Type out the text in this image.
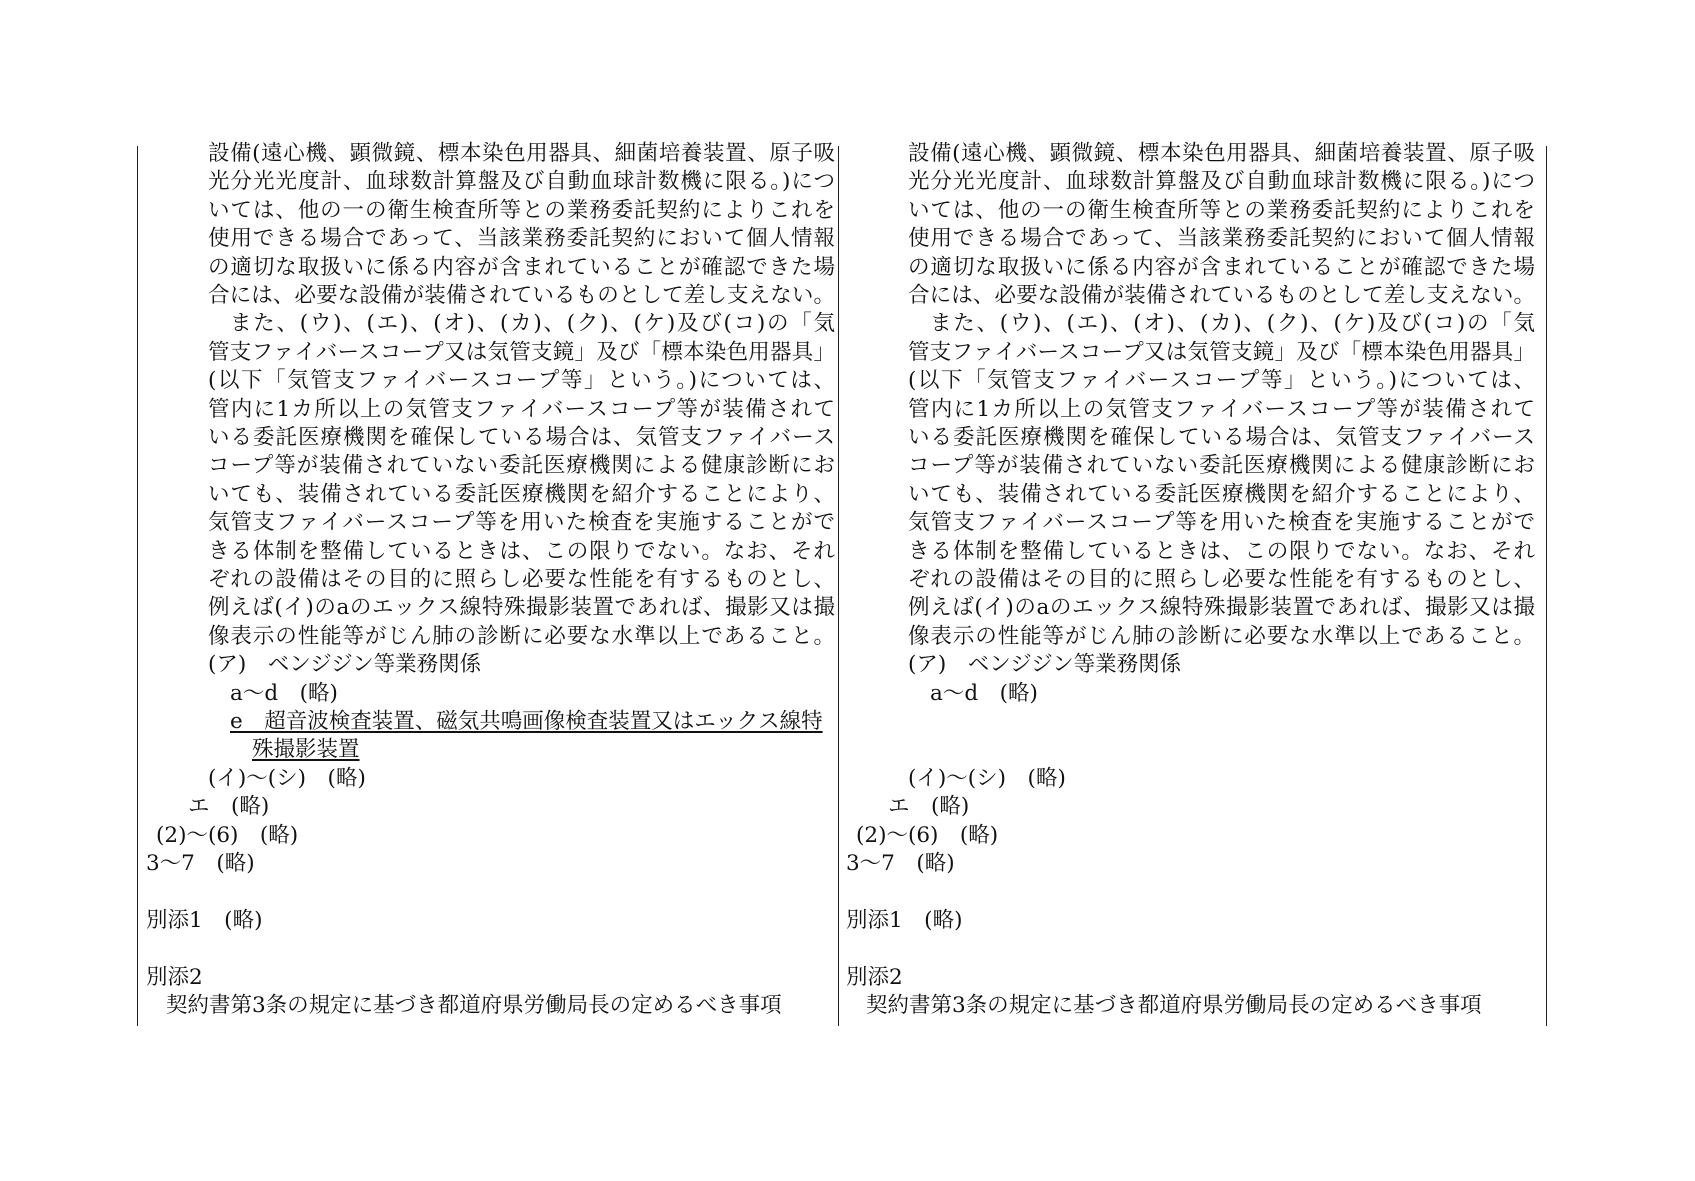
設備(遠心機、顕微鏡、標本染色用器具、細菌培養装置、原子吸
光分光光度計、血球数計算盤及び自動血球計数機に限る。)につ
いては、他の一の衛生検査所等との業務委託契約によりこれを
使用できる場合であって、当該業務委託契約において個人情報
の適切な取扱いに係る内容が含まれていることが確認できた場
合には、必要な設備が装備されているものとして差し支えない。
また、(ウ)、(エ)、(オ)、(カ)、(ク)、(ケ)及び(コ)の「気
管支ファイバースコープ又は気管支鏡」及び「標本染色用器具」
(以下「気管支ファイバースコープ等」という。)については、
管内に1カ所以上の気管支ファイバースコープ等が装備されて
いる委託医療機関を確保している場合は、気管支ファイバース
コープ等が装備されていない委託医療機関による健康診断にお
いても、装備されている委託医療機関を紹介することにより、
気管支ファイバースコープ等を用いた検査を実施することがで
きる体制を整備しているときは、この限りでない。なお、それ
ぞれの設備はその目的に照らし必要な性能を有するものとし、
例えば(イ)のaのエックス線特殊撮影装置であれば、撮影又は撮
像表示の性能等がじん肺の診断に必要な水準以上であること。
(ア)　ベンジジン等業務関係
a〜d　(略)
e　超音波検査装置、磁気共鳴画像検査装置又はエックス線特
殊撮影装置
(イ)〜(シ)　(略)
エ　(略)
(2)〜(6)　(略)
3〜7　(略)
別添1　(略)
別添2
契約書第3条の規定に基づき都道府県労働局長の定めるべき事項
設備(遠心機、顕微鏡、標本染色用器具、細菌培養装置、原子吸
光分光光度計、血球数計算盤及び自動血球計数機に限る。)につ
いては、他の一の衛生検査所等との業務委託契約によりこれを
使用できる場合であって、当該業務委託契約において個人情報
の適切な取扱いに係る内容が含まれていることが確認できた場
合には、必要な設備が装備されているものとして差し支えない。
また、(ウ)、(エ)、(オ)、(カ)、(ク)、(ケ)及び(コ)の「気
管支ファイバースコープ又は気管支鏡」及び「標本染色用器具」
(以下「気管支ファイバースコープ等」という。)については、
管内に1カ所以上の気管支ファイバースコープ等が装備されて
いる委託医療機関を確保している場合は、気管支ファイバース
コープ等が装備されていない委託医療機関による健康診断にお
いても、装備されている委託医療機関を紹介することにより、
気管支ファイバースコープ等を用いた検査を実施することがで
きる体制を整備しているときは、この限りでない。なお、それ
ぞれの設備はその目的に照らし必要な性能を有するものとし、
例えば(イ)のaのエックス線特殊撮影装置であれば、撮影又は撮
像表示の性能等がじん肺の診断に必要な水準以上であること。
(ア)　ベンジジン等業務関係
a〜d　(略)
(イ)〜(シ)　(略)
エ　(略)
(2)〜(6)　(略)
3〜7　(略)
別添1　(略)
別添2
契約書第3条の規定に基づき都道府県労働局長の定めるべき事項
